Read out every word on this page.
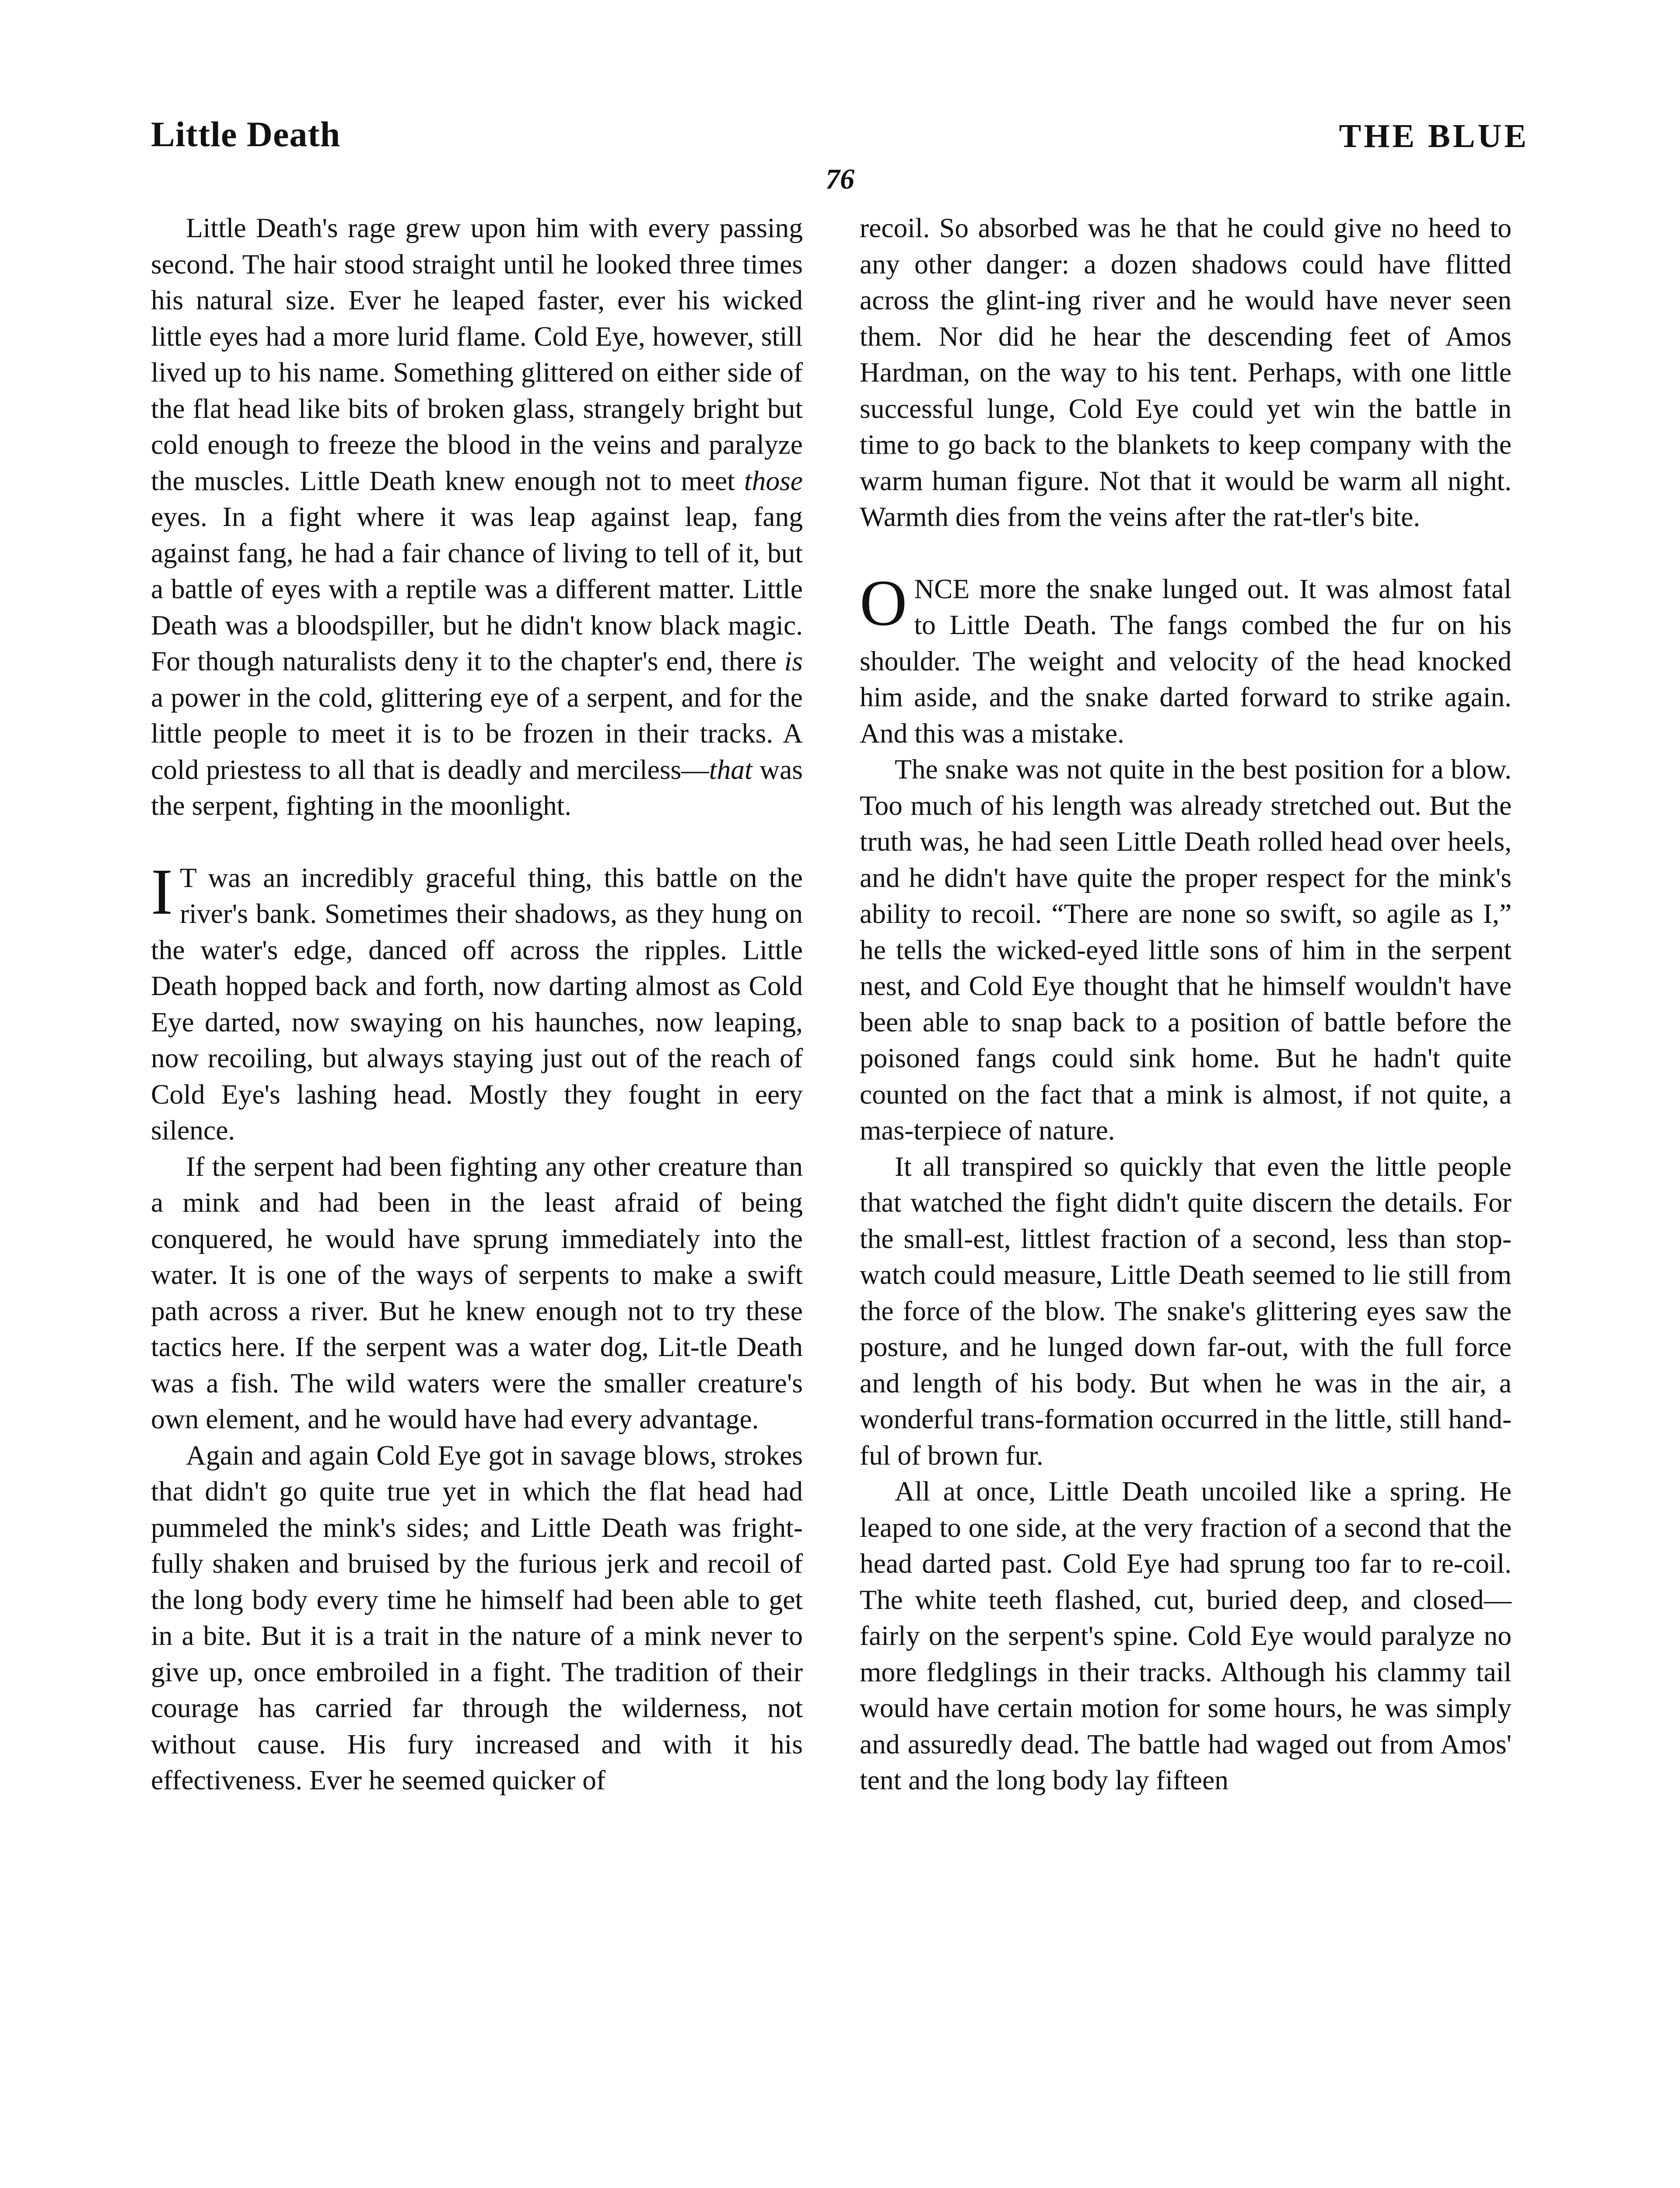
Little Death	THE BLUE
76

Little Death's rage grew upon him with every passing second. The hair stood straight until he looked three times his natural size. Ever he leaped faster, ever his wicked little eyes had a more lurid flame. Cold Eye, however, still lived up to his name. Something glittered on either side of the flat head like bits of broken glass, strangely bright but cold enough to freeze the blood in the veins and paralyze the muscles. Little Death knew enough not to meet those eyes. In a fight where it was leap against leap, fang against fang, he had a fair chance of living to tell of it, but a battle of eyes with a reptile was a different matter. Little Death was a bloodspiller, but he didn't know black magic. For though naturalists deny it to the chapter's end, there is a power in the cold, glittering eye of a serpent, and for the little people to meet it is to be frozen in their tracks. A cold priestess to all that is deadly and merciless—that was the serpent, fighting in the moonlight.

I T was an incredibly graceful thing, this battle on the river's bank. Sometimes their shadows, as they hung on the water's edge, danced off across the ripples. Little Death hopped back and forth, now darting almost as Cold Eye darted, now swaying on his haunches, now leaping, now recoiling, but always staying just out of the reach of Cold Eye's lashing head. Mostly they fought in eery silence.

If the serpent had been fighting any other creature than a mink and had been in the least afraid of being conquered, he would have sprung immediately into the water. It is one of the ways of serpents to make a swift path across a river. But he knew enough not to try these tactics here. If the serpent was a water dog, Lit-tle Death was a fish. The wild waters were the smaller creature's own element, and he would have had every advantage.

Again and again Cold Eye got in savage blows, strokes that didn't go quite true yet in which the flat head had pummeled the mink's sides; and Little Death was fright-fully shaken and bruised by the furious jerk and recoil of the long body every time he himself had been able to get in a bite. But it is a trait in the nature of a mink never to give up, once embroiled in a fight. The tradition of their courage has carried far through the wilderness, not without cause. His fury increased and with it his effectiveness. Ever he seemed quicker of

recoil. So absorbed was he that he could give no heed to any other danger: a dozen shadows could have flitted across the glint-ing river and he would have never seen them. Nor did he hear the descending feet of Amos Hardman, on the way to his tent. Perhaps, with one little successful lunge, Cold Eye could yet win the battle in time to go back to the blankets to keep company with the warm human figure. Not that it would be warm all night. Warmth dies from the veins after the rat-tler's bite.

ONCE more the snake lunged out. It was almost fatal to Little Death. The fangs combed the fur on his shoulder. The weight and velocity of the head knocked him aside, and the snake darted forward to strike again. And this was a mistake.

The snake was not quite in the best position for a blow. Too much of his length was already stretched out. But the truth was, he had seen Little Death rolled head over heels, and he didn't have quite the proper respect for the mink's ability to recoil. “There are none so swift, so agile as I,” he tells the wicked-eyed little sons of him in the serpent nest, and Cold Eye thought that he himself wouldn't have been able to snap back to a position of battle before the poisoned fangs could sink home. But he hadn't quite counted on the fact that a mink is almost, if not quite, a mas-terpiece of nature.

It all transpired so quickly that even the little people that watched the fight didn't quite discern the details. For the small-est, littlest fraction of a second, less than stop-watch could measure, Little Death seemed to lie still from the force of the blow. The snake's glittering eyes saw the posture, and he lunged down far-out, with the full force and length of his body. But when he was in the air, a wonderful trans-formation occurred in the little, still hand-ful of brown fur.

All at once, Little Death uncoiled like a spring. He leaped to one side, at the very fraction of a second that the head darted past. Cold Eye had sprung too far to re-coil. The white teeth flashed, cut, buried deep, and closed—fairly on the serpent's spine. Cold Eye would paralyze no more fledglings in their tracks. Although his clammy tail would have certain motion for some hours, he was simply and assuredly dead. The battle had waged out from Amos' tent and the long body lay fifteen
